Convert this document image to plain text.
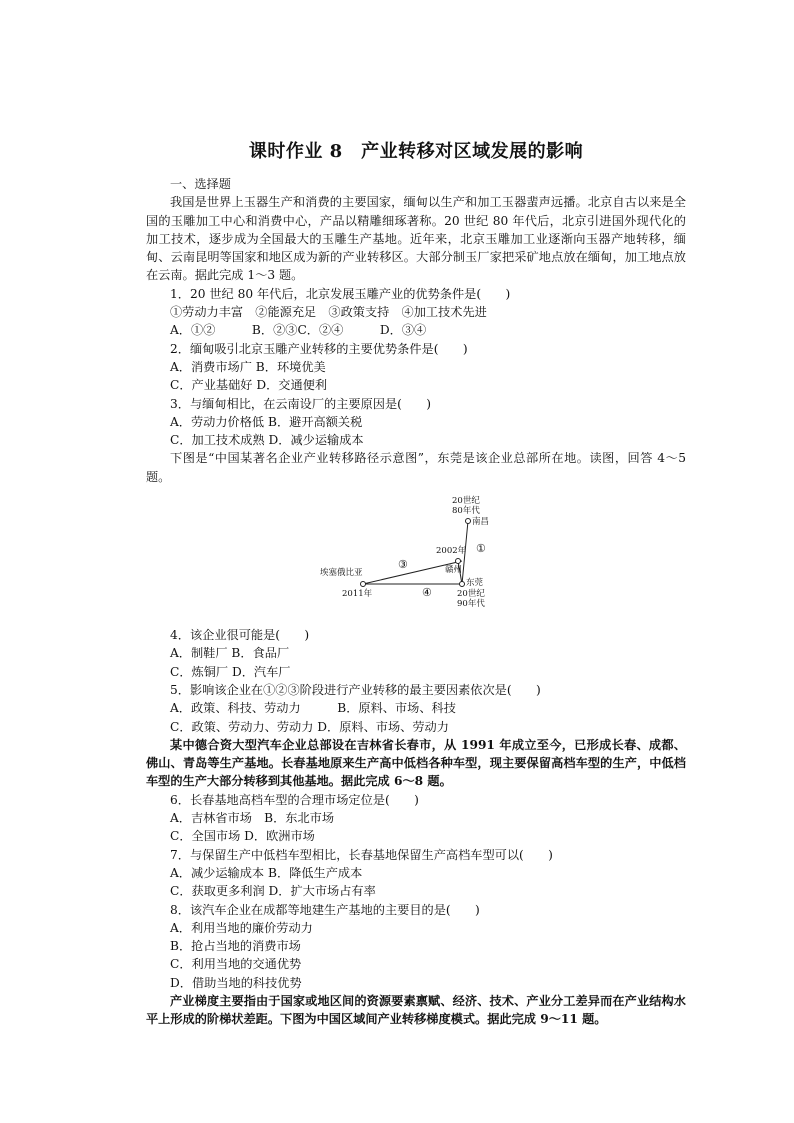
课时作业 8　产业转移对区域发展的影响
一、选择题
我国是世界上玉器生产和消费的主要国家，缅甸以生产和加工玉器蜚声远播。北京自古以来是全国的玉雕加工中心和消费中心，产品以精雕细琢著称。20 世纪 80 年代后，北京引进国外现代化的加工技术，逐步成为全国最大的玉雕生产基地。近年来，北京玉雕加工业逐渐向玉器产地转移，缅甸、云南昆明等国家和地区成为新的产业转移区。大部分制玉厂家把采矿地点放在缅甸，加工地点放在云南。据此完成 1～3 题。
1．20 世纪 80 年代后，北京发展玉雕产业的优势条件是(　　)
①劳动力丰富　②能源充足　③政策支持　④加工技术先进
A．①②　　　B．②③C．②④　　　D．③④
2．缅甸吸引北京玉雕产业转移的主要优势条件是(　　)
A．消费市场广 B．环境优美
C．产业基础好 D．交通便利
3．与缅甸相比，在云南设厂的主要原因是(　　)
A．劳动力价格低 B．避开高额关税
C．加工技术成熟 D．减少运输成本
下图是“中国某著名企业产业转移路径示意图”，东莞是该企业总部所在地。读图，回答 4～5 题。
20世纪
80年代
南昌
2002年 ①
赣州
③
东莞
埃塞俄比亚
2011年	④	20世纪
90年代
4．该企业很可能是(　　)
A．制鞋厂 B．食品厂
C．炼铜厂 D．汽车厂
5．影响该企业在①②③阶段进行产业转移的最主要因素依次是(　　)
A．政策、科技、劳动力　　　B．原料、市场、科技
C．政策、劳动力、劳动力 D．原料、市场、劳动力
某中德合资大型汽车企业总部设在吉林省长春市，从 1991 年成立至今，已形成长春、成都、佛山、青岛等生产基地。长春基地原来生产高中低档各种车型，现主要保留高档车型的生产，中低档车型的生产大部分转移到其他基地。据此完成 6～8 题。
6．长春基地高档车型的合理市场定位是(　　)
A．吉林省市场　B．东北市场
C．全国市场 D．欧洲市场
7．与保留生产中低档车型相比，长春基地保留生产高档车型可以(　　)
A．减少运输成本 B．降低生产成本
C．获取更多利润 D．扩大市场占有率
8．该汽车企业在成都等地建生产基地的主要目的是(　　)
A．利用当地的廉价劳动力
B．抢占当地的消费市场
C．利用当地的交通优势
D．借助当地的科技优势
产业梯度主要指由于国家或地区间的资源要素禀赋、经济、技术、产业分工差异而在产业结构水平上形成的阶梯状差距。下图为中国区域间产业转移梯度模式。据此完成 9～11 题。
